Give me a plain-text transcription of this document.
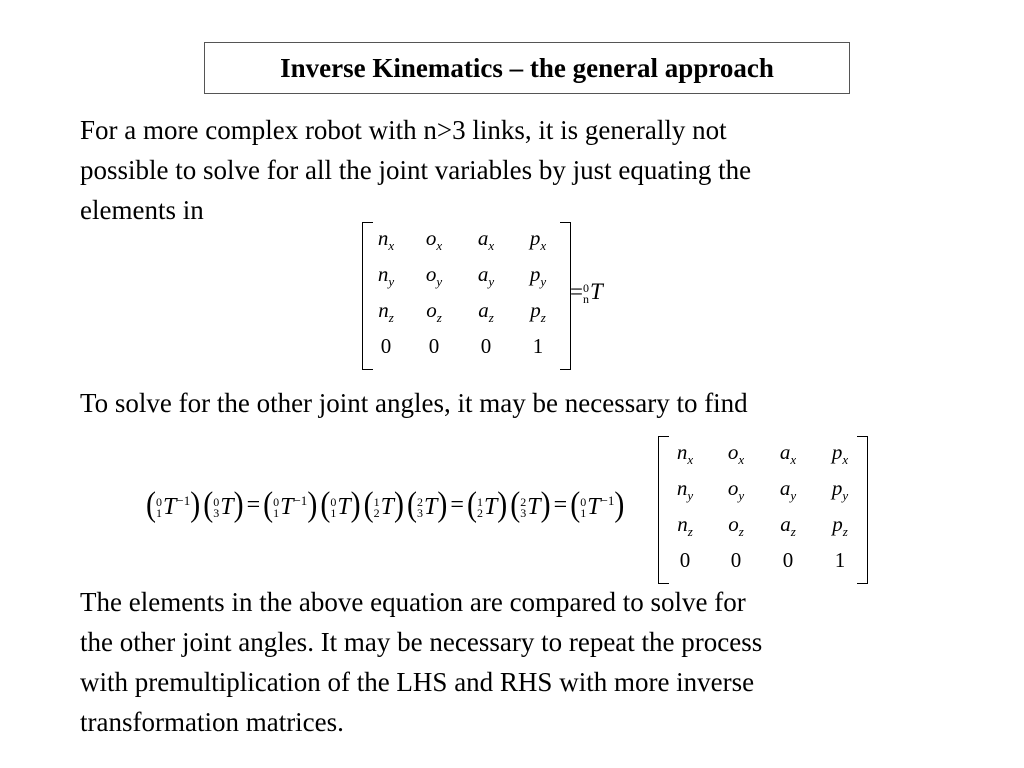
Inverse Kinematics – the general approach

For a more complex robot with n>3 links, it is generally not
possible to solve for all the joint variables by just equating the
elements in

$n_x$	$o_x$	$a_x$	$p_x$
$n_y$	$o_y$	$a_y$	$p_y$
$n_z$	$o_z$	$a_z$	$p_z$
0	0	0	1
= 0
n T

To solve for the other joint angles, it may be necessary to find

( 0
1 $T^{-1}$) ( 0
3 T) = ( 0
1 $T^{-1}$) ( 0
1 T) ( 1
2 T) ( 2
3 T) = ( 1
2 T) ( 2
3 T) = ( 0
1 $T^{-1}$)
$n_x$	$o_x$	$a_x$	$p_x$
$n_y$	$o_y$	$a_y$	$p_y$
$n_z$	$o_z$	$a_z$	$p_z$
0	0	0	1

The elements in the above equation are compared to solve for
the other joint angles. It may be necessary to repeat the process
with premultiplication of the LHS and RHS with more inverse
transformation matrices.
